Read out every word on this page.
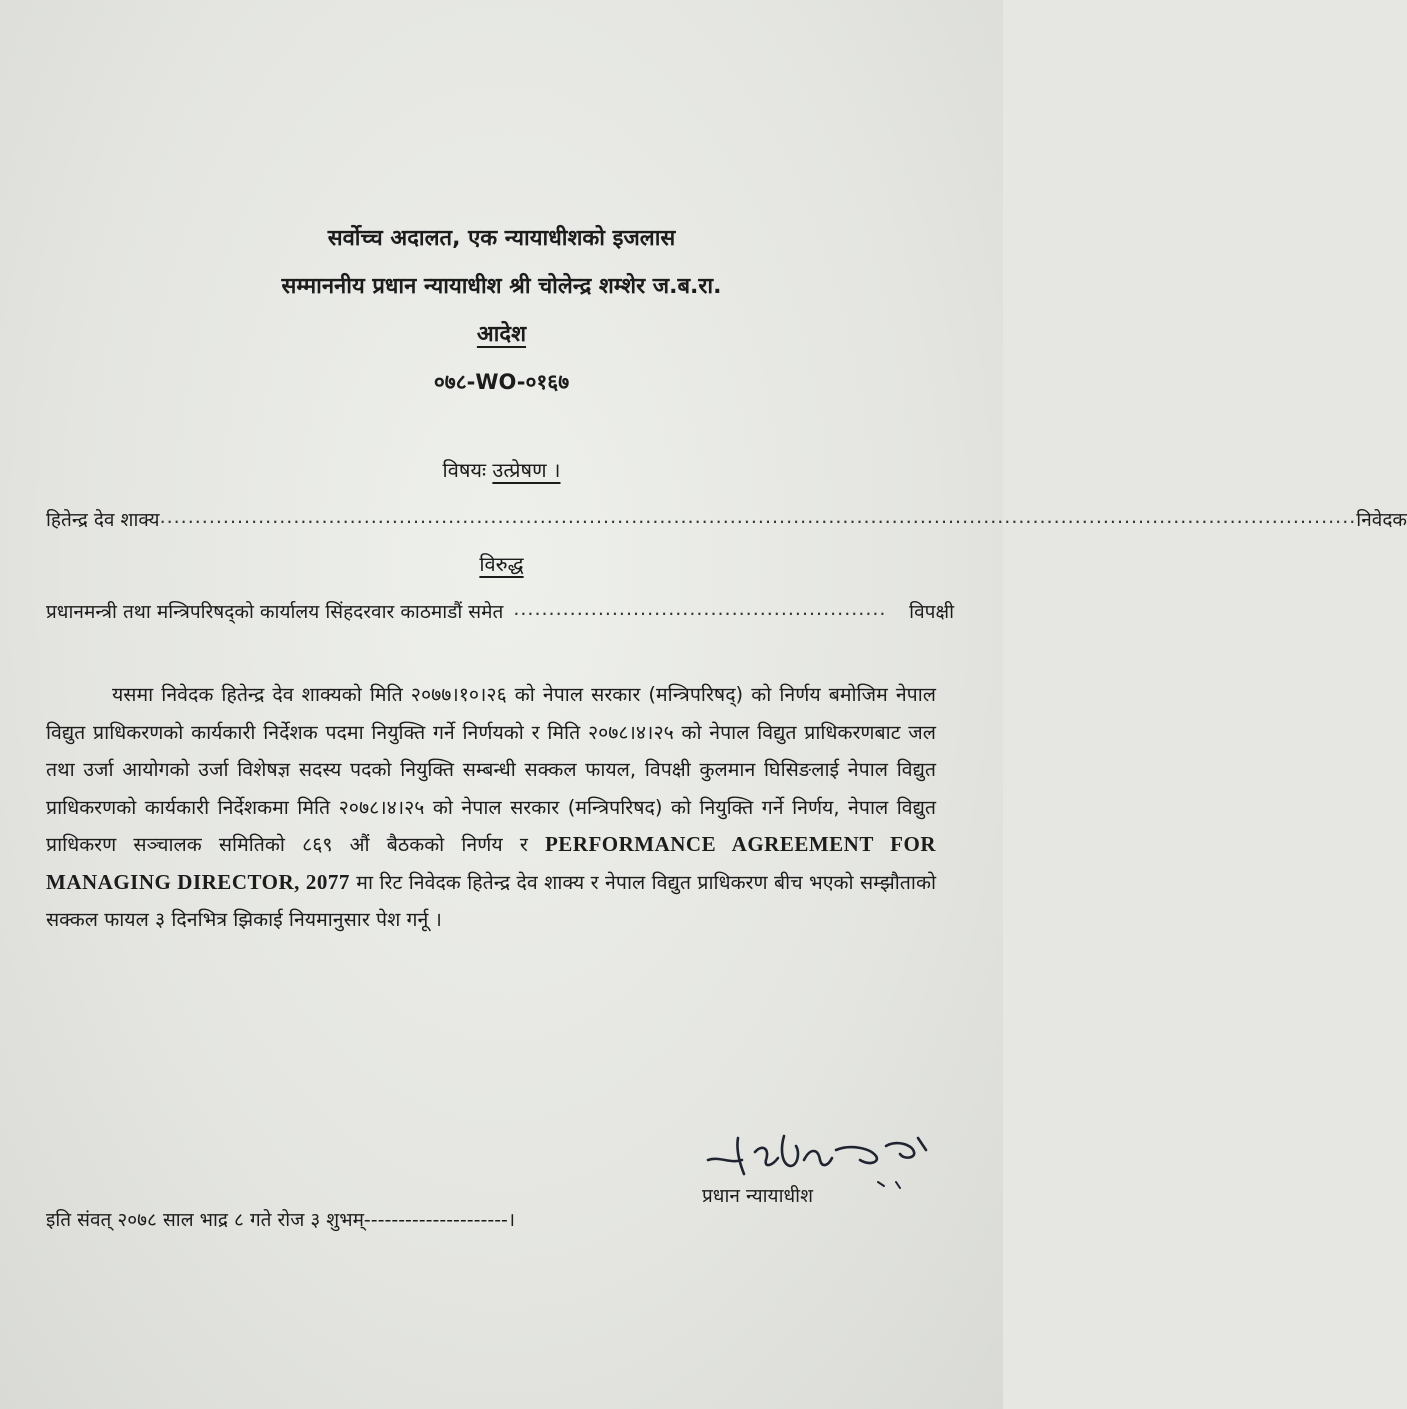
सर्वोच्च अदालत, एक न्यायाधीशको इजलास
सम्माननीय प्रधान न्यायाधीश श्री चोलेन्द्र शम्शेर ज.ब.रा.
आदेश
०७८-WO-०१६७
विषयः उत्प्रेषण ।
हितेन्द्र देव शाक्य .......................................................................................................................................................................... निवेदक
विरुद्ध
प्रधानमन्त्री तथा मन्त्रिपरिषद्को कार्यालय सिंहदरवार काठमाडौं समेत .....................................................	विपक्षी

यसमा निवेदक हितेन्द्र देव शाक्यको मिति २०७७।१०।२६ को नेपाल सरकार (मन्त्रिपरिषद्) को निर्णय बमोजिम नेपाल विद्युत प्राधिकरणको कार्यकारी निर्देशक पदमा नियुक्ति गर्ने निर्णयको र मिति २०७८।४।२५ को नेपाल विद्युत प्राधिकरणबाट जल तथा उर्जा आयोगको उर्जा विशेषज्ञ सदस्य पदको नियुक्ति सम्बन्धी सक्कल फायल, विपक्षी कुलमान घिसिङलाई नेपाल विद्युत प्राधिकरणको कार्यकारी निर्देशकमा मिति २०७८।४।२५ को नेपाल सरकार (मन्त्रिपरिषद) को नियुक्ति गर्ने निर्णय, नेपाल विद्युत प्राधिकरण सञ्चालक समितिको ८६९ औं बैठकको निर्णय र PERFORMANCE AGREEMENT FOR MANAGING DIRECTOR, 2077 मा रिट निवेदक हितेन्द्र देव शाक्य र नेपाल विद्युत प्राधिकरण बीच भएको सम्झौताको सक्कल फायल ३ दिनभित्र झिकाई नियमानुसार पेश गर्नू ।

प्रधान न्यायाधीश
इति संवत् २०७८ साल भाद्र ८ गते रोज ३ शुभम्---------------------।
